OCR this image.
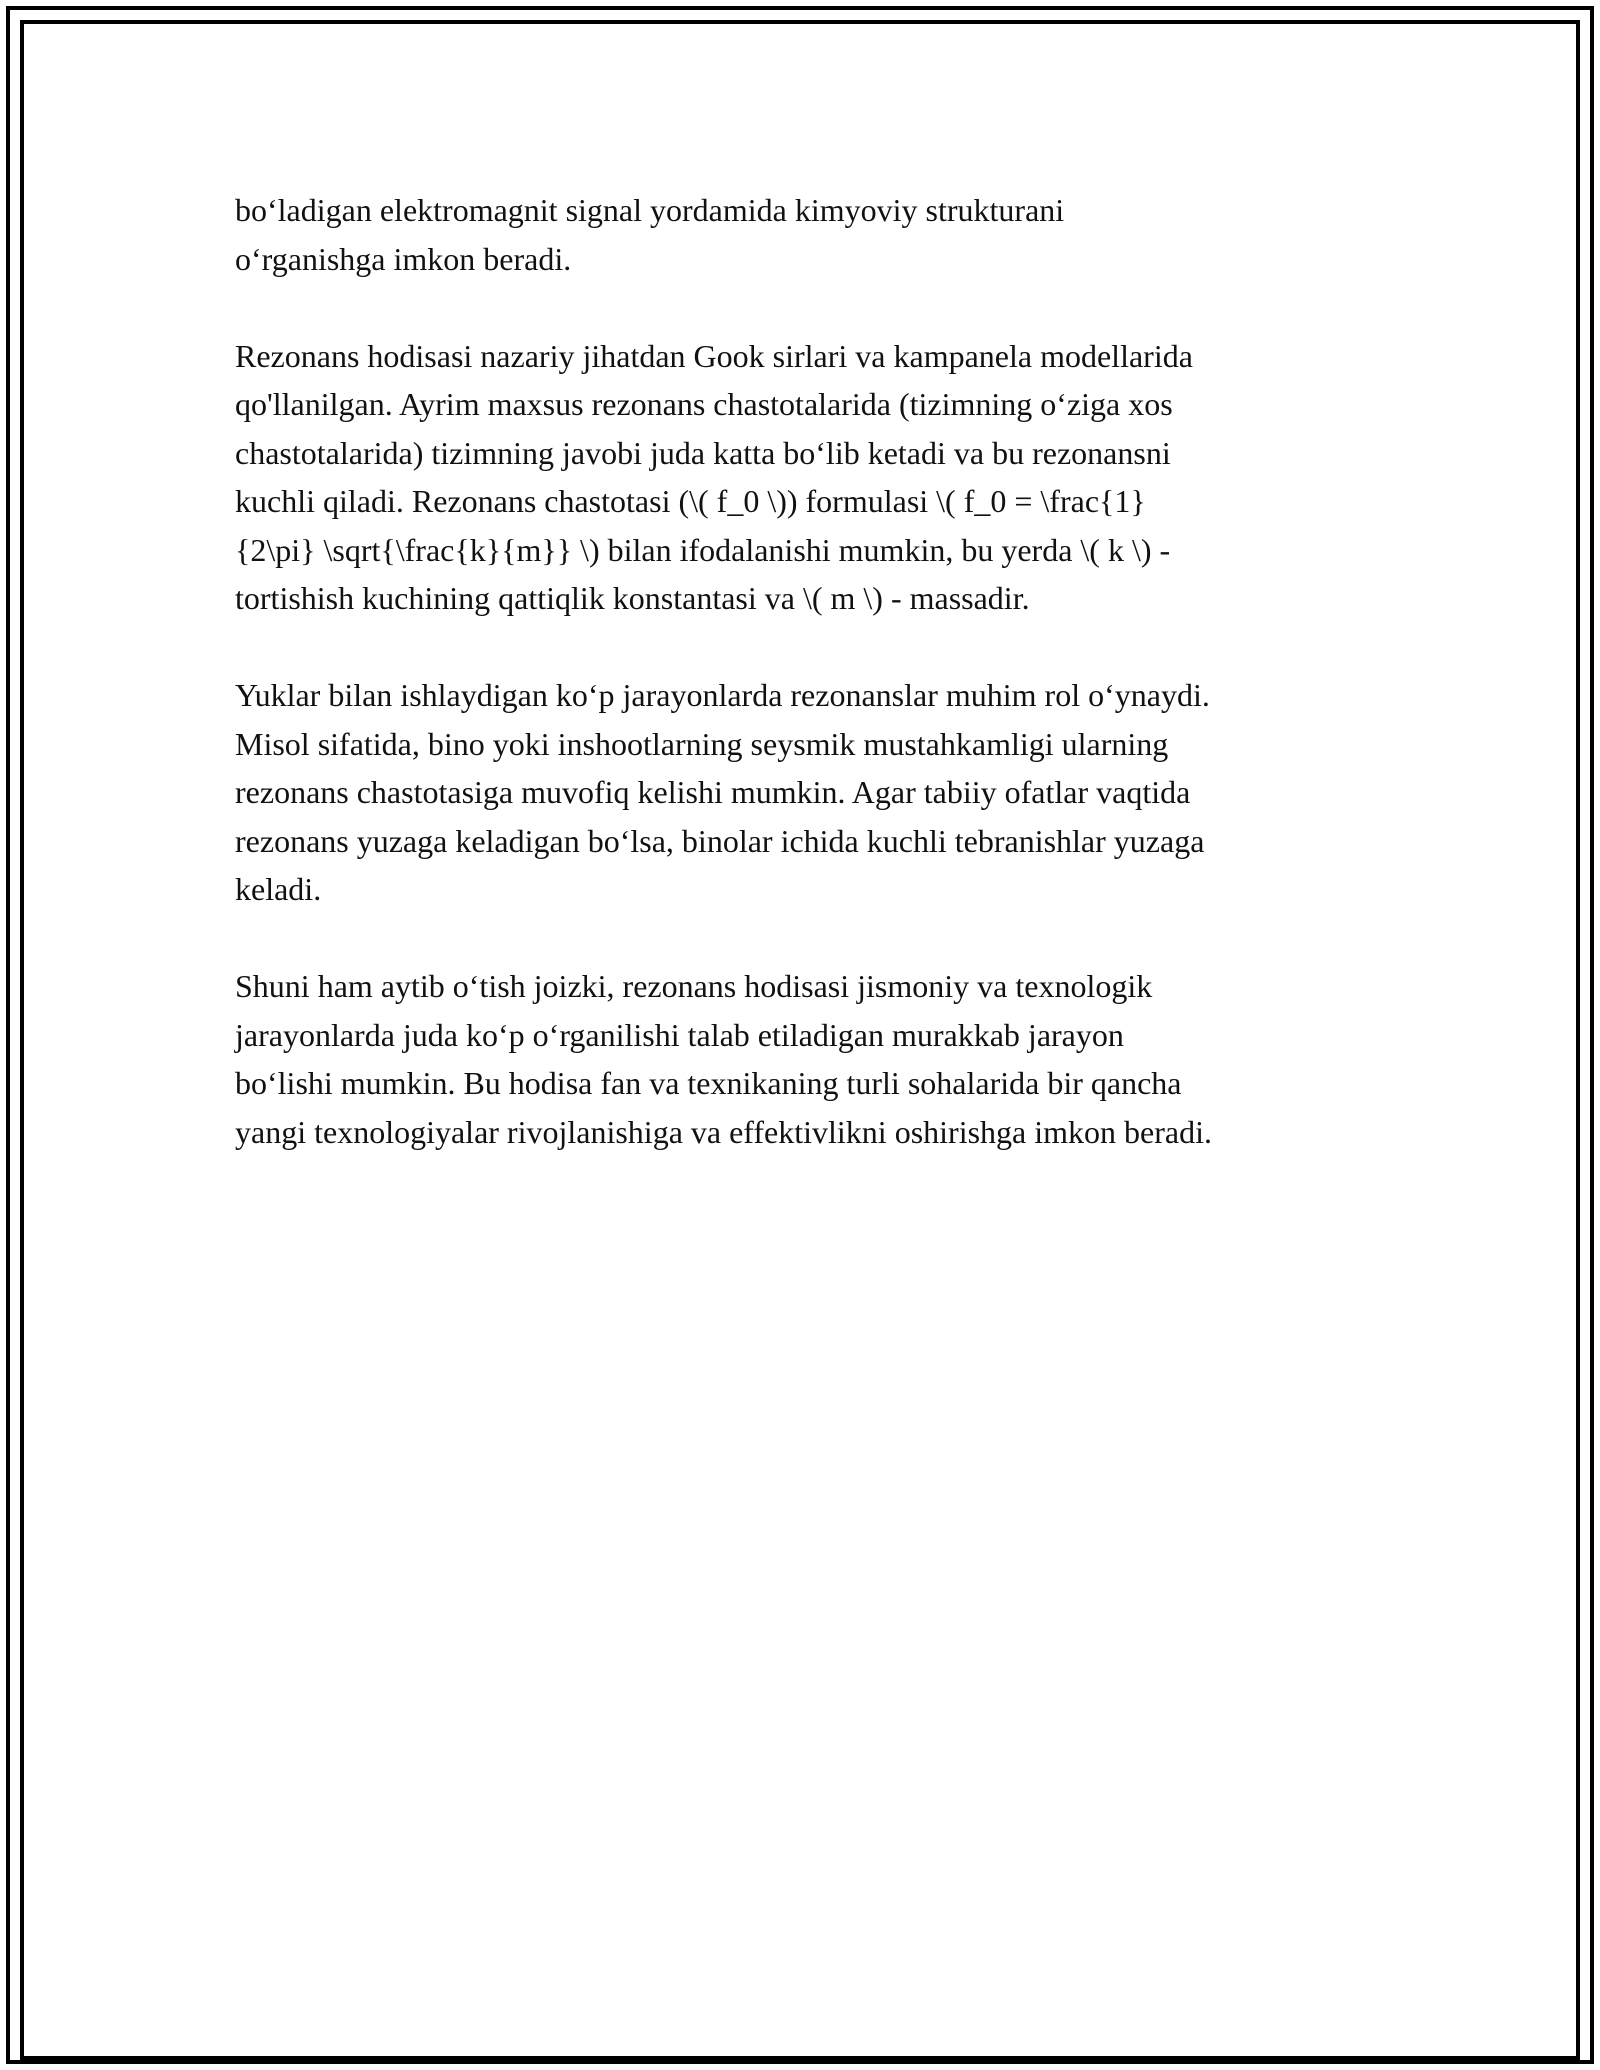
bo‘ladigan elektromagnit signal yordamida kimyoviy strukturani
o‘rganishga imkon beradi.

Rezonans hodisasi nazariy jihatdan Gook sirlari va kampanela modellarida
qo'llanilgan. Ayrim maxsus rezonans chastotalarida (tizimning o‘ziga xos
chastotalarida) tizimning javobi juda katta bo‘lib ketadi va bu rezonansni
kuchli qiladi. Rezonans chastotasi (\( f_0 \)) formulasi \( f_0 = \frac{1}
{2\pi} \sqrt{\frac{k}{m}} \) bilan ifodalanishi mumkin, bu yerda \( k \) -
tortishish kuchining qattiqlik konstantasi va \( m \) - massadir.

Yuklar bilan ishlaydigan ko‘p jarayonlarda rezonanslar muhim rol o‘ynaydi.
Misol sifatida, bino yoki inshootlarning seysmik mustahkamligi ularning
rezonans chastotasiga muvofiq kelishi mumkin. Agar tabiiy ofatlar vaqtida
rezonans yuzaga keladigan bo‘lsa, binolar ichida kuchli tebranishlar yuzaga
keladi.

Shuni ham aytib o‘tish joizki, rezonans hodisasi jismoniy va texnologik
jarayonlarda juda ko‘p o‘rganilishi talab etiladigan murakkab jarayon
bo‘lishi mumkin. Bu hodisa fan va texnikaning turli sohalarida bir qancha
yangi texnologiyalar rivojlanishiga va effektivlikni oshirishga imkon beradi.
